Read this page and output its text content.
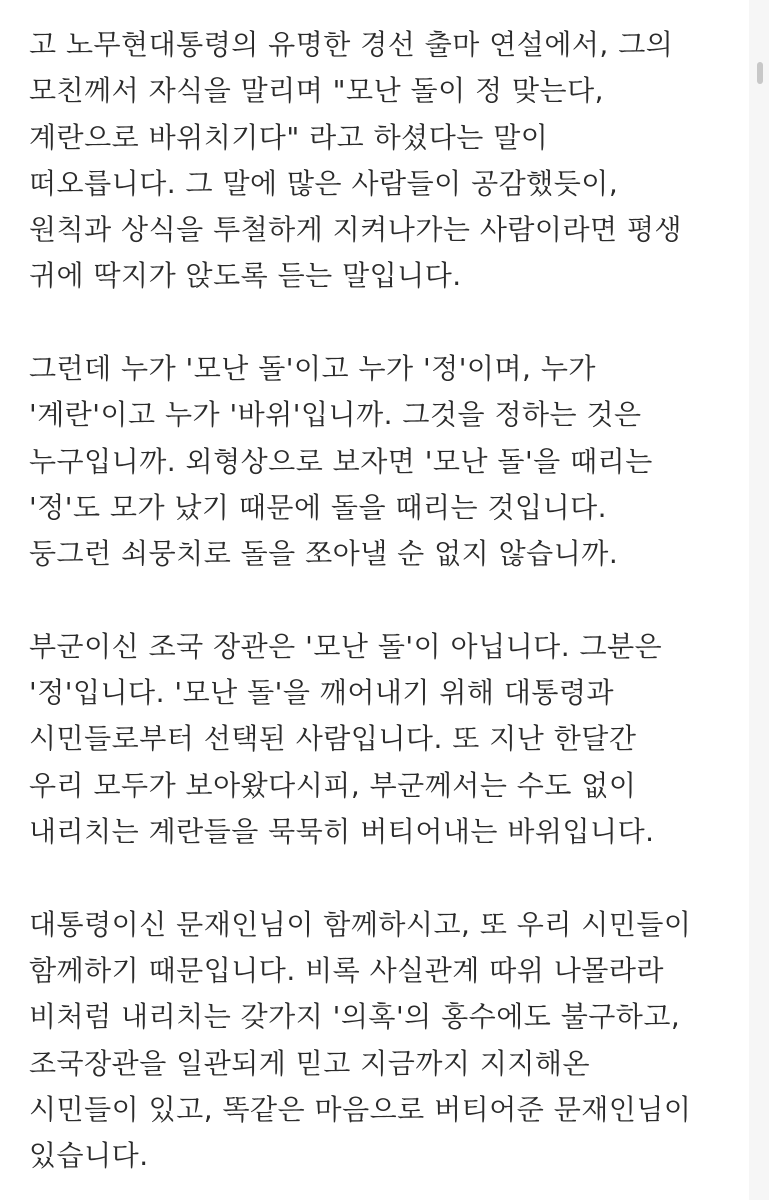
고 노무현대통령의 유명한 경선 출마 연설에서, 그의
모친께서 자식을 말리며 "모난 돌이 정 맞는다,
계란으로 바위치기다" 라고 하셨다는 말이
떠오릅니다. 그 말에 많은 사람들이 공감했듯이,
원칙과 상식을 투철하게 지켜나가는 사람이라면 평생
귀에 딱지가 앉도록 듣는 말입니다.
그런데 누가 '모난 돌'이고 누가 '정'이며, 누가
'계란'이고 누가 '바위'입니까. 그것을 정하는 것은
누구입니까. 외형상으로 보자면 '모난 돌'을 때리는
'정'도 모가 났기 때문에 돌을 때리는 것입니다.
둥그런 쇠뭉치로 돌을 쪼아낼 순 없지 않습니까.
부군이신 조국 장관은 '모난 돌'이 아닙니다. 그분은
'정'입니다. '모난 돌'을 깨어내기 위해 대통령과
시민들로부터 선택된 사람입니다. 또 지난 한달간
우리 모두가 보아왔다시피, 부군께서는 수도 없이
내리치는 계란들을 묵묵히 버티어내는 바위입니다.
대통령이신 문재인님이 함께하시고, 또 우리 시민들이
함께하기 때문입니다. 비록 사실관계 따위 나몰라라
비처럼 내리치는 갖가지 '의혹'의 홍수에도 불구하고,
조국장관을 일관되게 믿고 지금까지 지지해온
시민들이 있고, 똑같은 마음으로 버티어준 문재인님이
있습니다.
